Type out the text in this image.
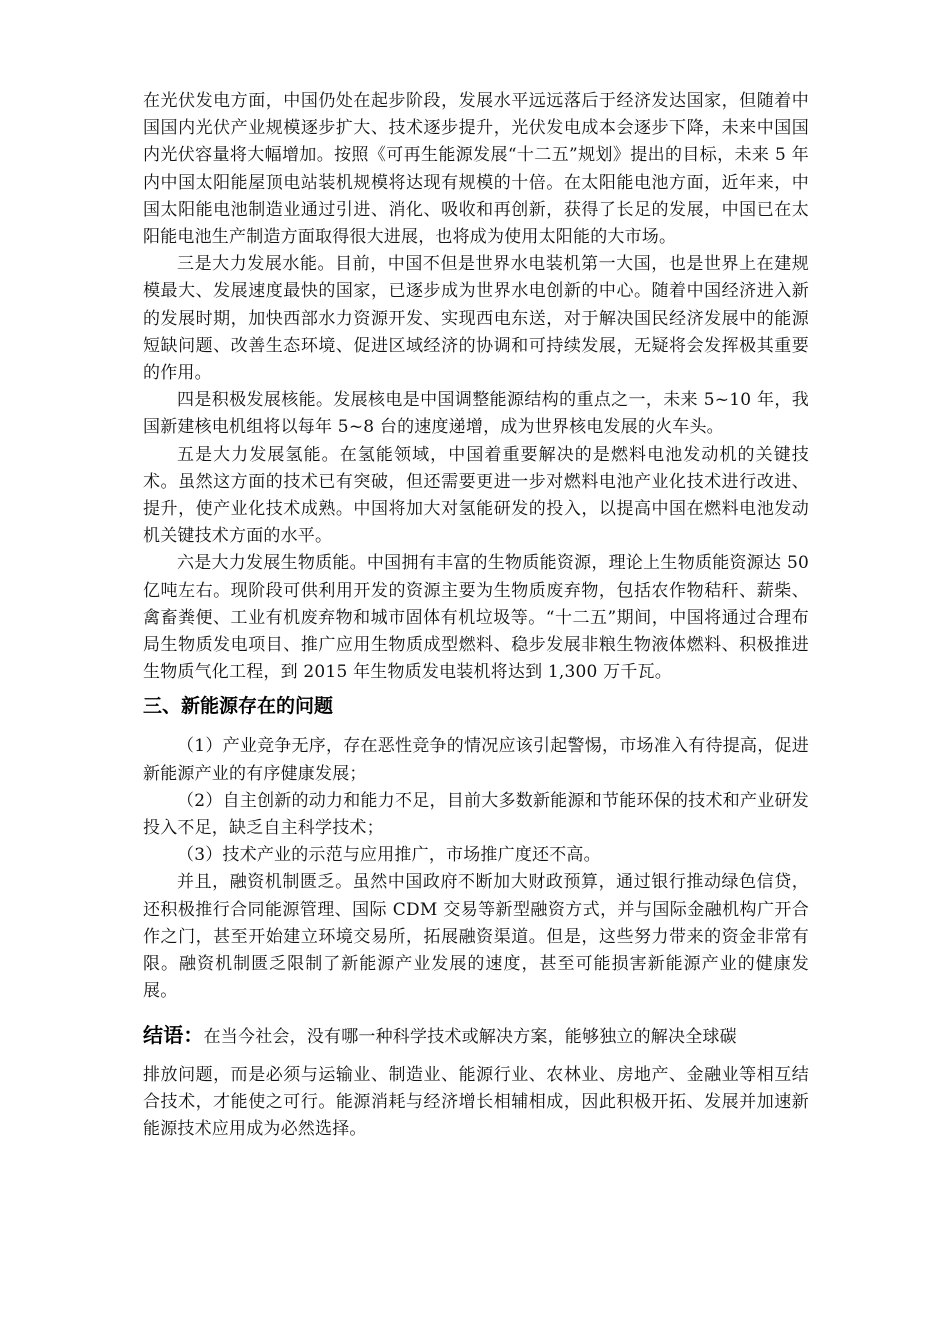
在光伏发电方面，中国仍处在起步阶段，发展水平远远落后于经济发达国家，但随着中国国内光伏产业规模逐步扩大、技术逐步提升，光伏发电成本会逐步下降，未来中国国内光伏容量将大幅增加。按照《可再生能源发展“十二五”规划》提出的目标，未来 5 年内中国太阳能屋顶电站装机规模将达现有规模的十倍。在太阳能电池方面，近年来，中国太阳能电池制造业通过引进、消化、吸收和再创新，获得了长足的发展，中国已在太阳能电池生产制造方面取得很大进展，也将成为使用太阳能的大市场。

三是大力发展水能。目前，中国不但是世界水电装机第一大国，也是世界上在建规模最大、发展速度最快的国家，已逐步成为世界水电创新的中心。随着中国经济进入新的发展时期，加快西部水力资源开发、实现西电东送，对于解决国民经济发展中的能源短缺问题、改善生态环境、促进区域经济的协调和可持续发展，无疑将会发挥极其重要的作用。

四是积极发展核能。发展核电是中国调整能源结构的重点之一，未来 5~10 年，我国新建核电机组将以每年 5~8 台的速度递增，成为世界核电发展的火车头。

五是大力发展氢能。在氢能领域，中国着重要解决的是燃料电池发动机的关键技术。虽然这方面的技术已有突破，但还需要更进一步对燃料电池产业化技术进行改进、提升，使产业化技术成熟。中国将加大对氢能研发的投入，以提高中国在燃料电池发动机关键技术方面的水平。

六是大力发展生物质能。中国拥有丰富的生物质能资源，理论上生物质能资源达 50 亿吨左右。现阶段可供利用开发的资源主要为生物质废弃物，包括农作物秸秆、薪柴、禽畜粪便、工业有机废弃物和城市固体有机垃圾等。“十二五”期间，中国将通过合理布局生物质发电项目、推广应用生物质成型燃料、稳步发展非粮生物液体燃料、积极推进生物质气化工程，到 2015 年生物质发电装机将达到 1,300 万千瓦。

三、新能源存在的问题

（1）产业竞争无序，存在恶性竞争的情况应该引起警惕，市场准入有待提高，促进新能源产业的有序健康发展；

（2）自主创新的动力和能力不足，目前大多数新能源和节能环保的技术和产业研发投入不足，缺乏自主科学技术；

（3）技术产业的示范与应用推广，市场推广度还不高。

并且，融资机制匮乏。虽然中国政府不断加大财政预算，通过银行推动绿色信贷，还积极推行合同能源管理、国际 CDM 交易等新型融资方式，并与国际金融机构广开合作之门，甚至开始建立环境交易所，拓展融资渠道。但是，这些努力带来的资金非常有限。融资机制匮乏限制了新能源产业发展的速度，甚至可能损害新能源产业的健康发展。

结语：在当今社会，没有哪一种科学技术或解决方案，能够独立的解决全球碳
排放问题，而是必须与运输业、制造业、能源行业、农林业、房地产、金融业等相互结合技术，才能使之可行。能源消耗与经济增长相辅相成，因此积极开拓、发展并加速新能源技术应用成为必然选择。
